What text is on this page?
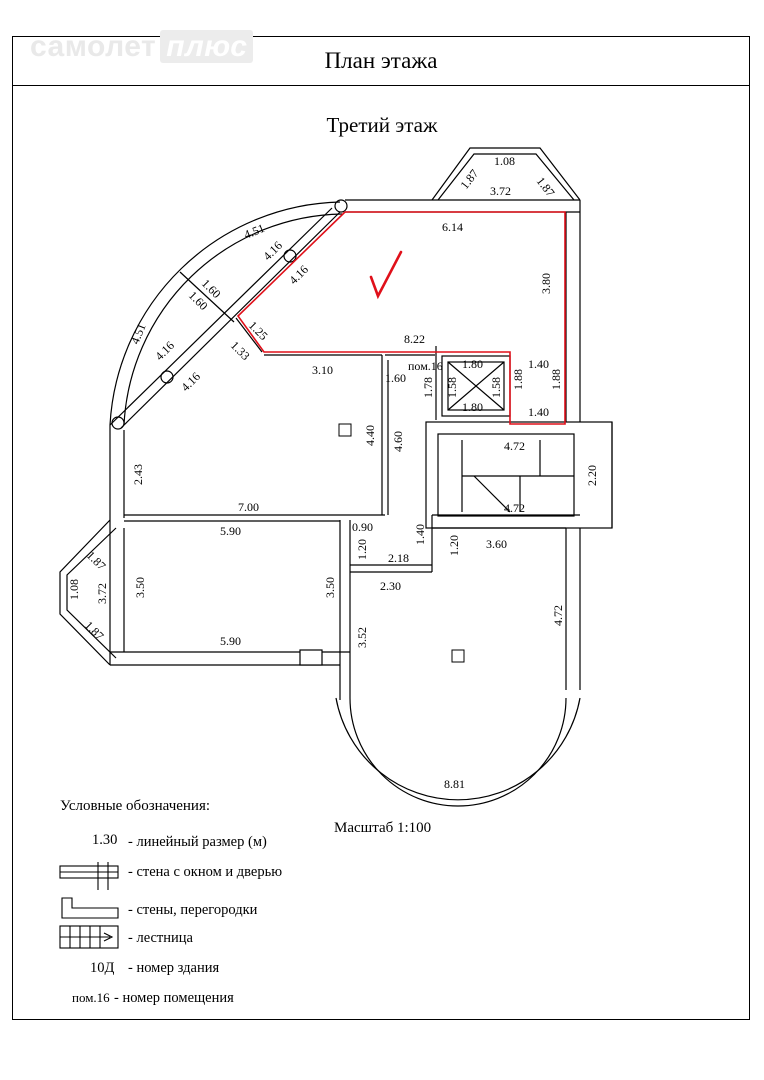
самолет плюс	План этажа
Третий этаж
1.08
1.87	1.87
3.72
6.14
4.51
4.51
4.16
4.16
4.16
4.16
1.60
1.60
1.25
1.33
3.80
8.22
пом.16
3.10
1.60 1.78 1.58	1.58
1.80
1.80
1.88 1.88
1.40
1.40
4.40 4.60
2.43
4.72
4.72
2.20
7.00
5.90
5.90
0.90
1.20	1.20
1.40
2.18
2.30
3.60
1.87
1.87
1.08 3.72 3.50	3.50
3.52
4.72
8.81
Условные обозначения:
Масштаб 1:100
1.30 - линейный размер (м)
- стена с окном и дверью
- стены, перегородки
- лестница
10Д - номер здания
пом.16 - номер помещения
